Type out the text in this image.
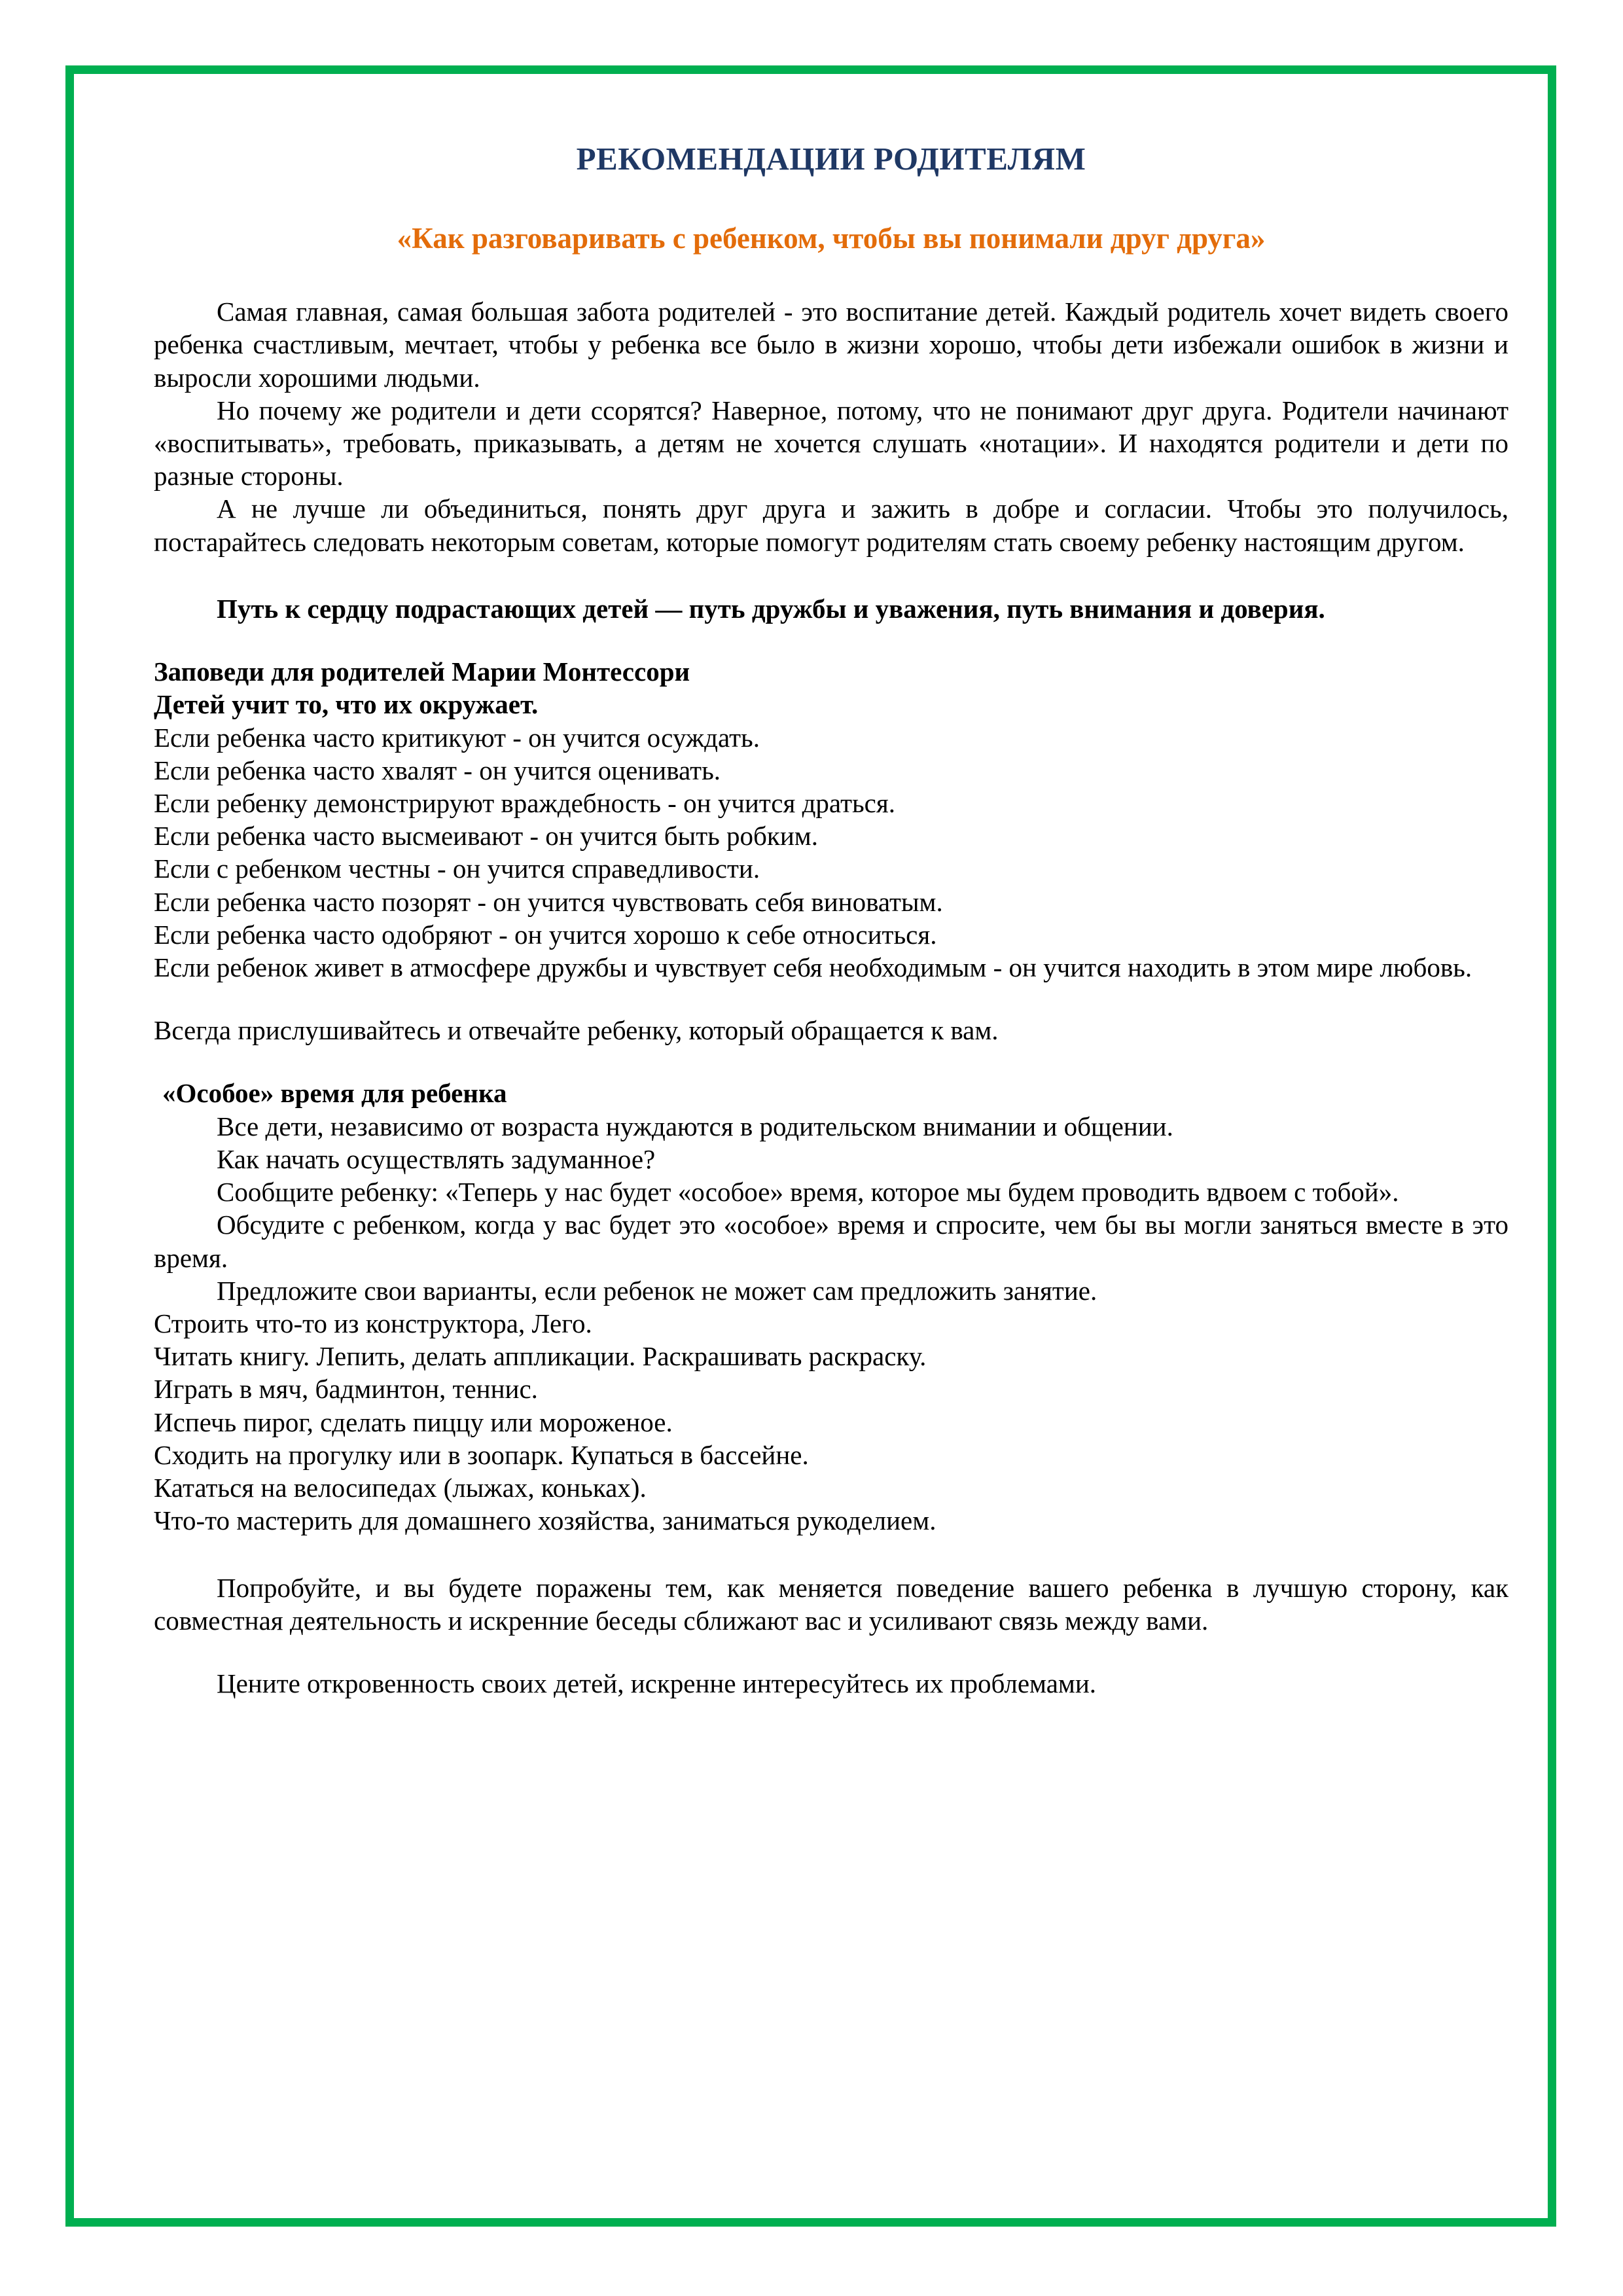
РЕКОМЕНДАЦИИ РОДИТЕЛЯМ
«Как разговаривать с ребенком, чтобы вы понимали друг друга»

Самая главная, самая большая забота родителей - это воспитание детей. Каждый родитель хочет видеть своего ребенка счастливым, мечтает, чтобы у ребенка все было в жизни хорошо, чтобы дети избежали ошибок в жизни и выросли хорошими людьми.

Но почему же родители и дети ссорятся? Наверное, потому, что не понимают друг друга. Родители начинают «воспитывать», требовать, приказывать, а детям не хочется слушать «нотации». И находятся родители и дети по разные стороны.

А не лучше ли объединиться, понять друг друга и зажить в добре и согласии. Чтобы это получилось, постарайтесь следовать некоторым советам, которые помогут родителям стать своему ребенку настоящим другом.

Путь к сердцу подрастающих детей — путь дружбы и уважения, путь внимания и доверия.

Заповеди для родителей Марии Монтессори

Детей учит то, что их окружает.

Если ребенка часто критикуют - он учится осуждать.

Если ребенка часто хвалят - он учится оценивать.

Если ребенку демонстрируют враждебность - он учится драться.

Если ребенка часто высмеивают - он учится быть робким.

Если с ребенком честны - он учится справедливости.

Если ребенка часто позорят - он учится чувствовать себя виноватым.

Если ребенка часто одобряют - он учится хорошо к себе относиться.

Если ребенок живет в атмосфере дружбы и чувствует себя необходимым - он учится находить в этом мире любовь.

Всегда прислушивайтесь и отвечайте ребенку, который обращается к вам.

«Особое» время для ребенка

Все дети, независимо от возраста нуждаются в родительском внимании и общении.

Как начать осуществлять задуманное?

Сообщите ребенку: «Теперь у нас будет «особое» время, которое мы будем проводить вдвоем с тобой».

Обсудите с ребенком, когда у вас будет это «особое» время и спросите, чем бы вы могли заняться вместе в это время.

Предложите свои варианты, если ребенок не может сам предложить занятие.

Строить что-то из конструктора, Лего.

Читать книгу. Лепить, делать аппликации. Раскрашивать раскраску.

Играть в мяч, бадминтон, теннис.

Испечь пирог, сделать пиццу или мороженое.

Сходить на прогулку или в зоопарк. Купаться в бассейне.

Кататься на велосипедах (лыжах, коньках).

Что-то мастерить для домашнего хозяйства, заниматься рукоделием.

Попробуйте, и вы будете поражены тем, как меняется поведение вашего ребенка в лучшую сторону, как совместная деятельность и искренние беседы сближают вас и усиливают связь между вами.

Цените откровенность своих детей, искренне интересуйтесь их проблемами.
